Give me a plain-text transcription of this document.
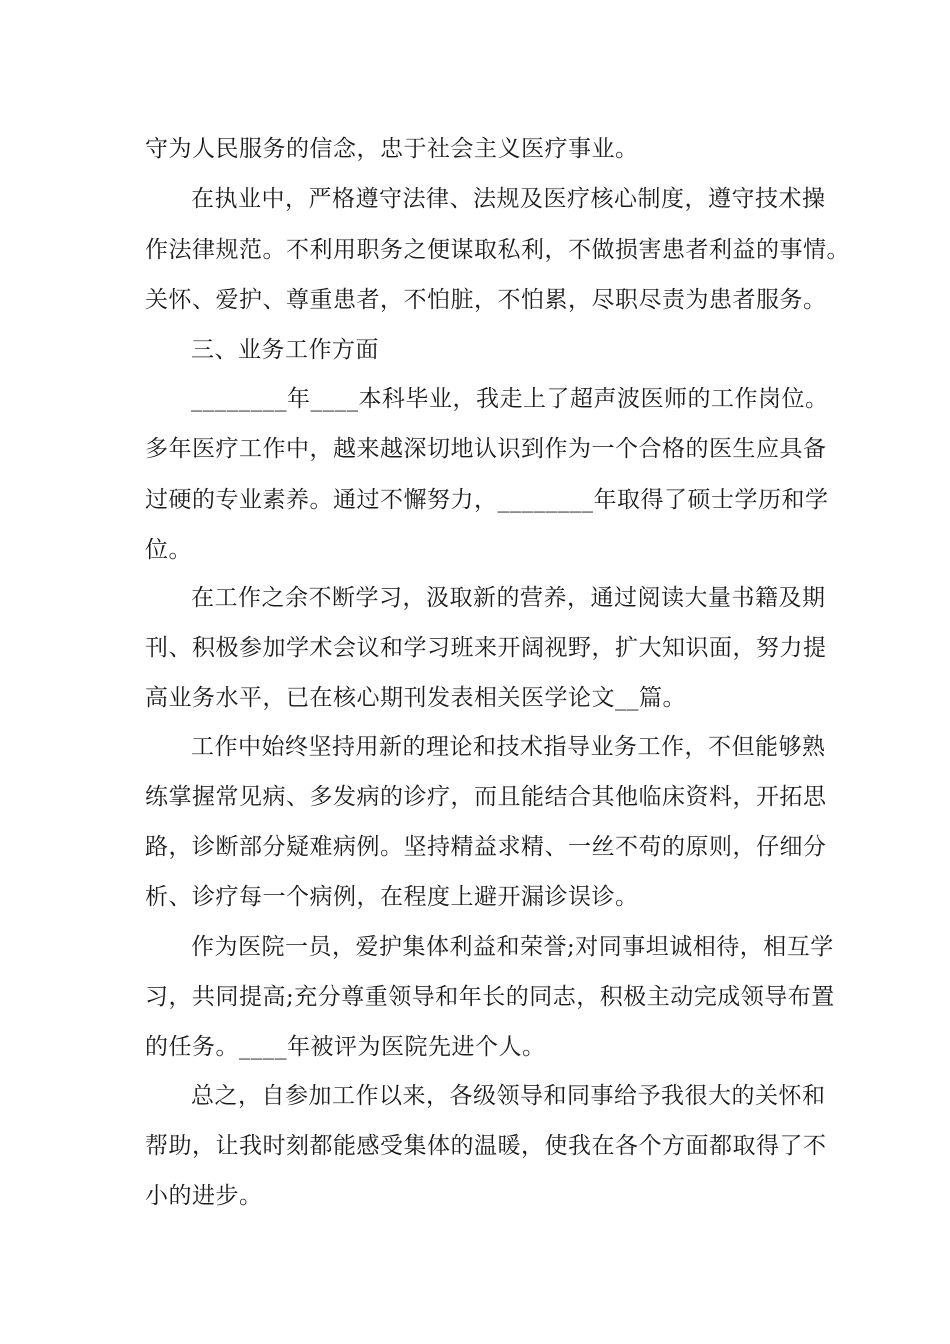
守为人民服务的信念，忠于社会主义医疗事业。
在执业中，严格遵守法律、法规及医疗核心制度，遵守技术操
作法律规范。不利用职务之便谋取私利，不做损害患者利益的事情。
关怀、爱护、尊重患者，不怕脏，不怕累，尽职尽责为患者服务。
三、业务工作方面
________年____本科毕业，我走上了超声波医师的工作岗位。
多年医疗工作中，越来越深切地认识到作为一个合格的医生应具备
过硬的专业素养。通过不懈努力，________年取得了硕士学历和学
位。
在工作之余不断学习，汲取新的营养，通过阅读大量书籍及期
刊、积极参加学术会议和学习班来开阔视野，扩大知识面，努力提
高业务水平，已在核心期刊发表相关医学论文__篇。
工作中始终坚持用新的理论和技术指导业务工作，不但能够熟
练掌握常见病、多发病的诊疗，而且能结合其他临床资料，开拓思
路，诊断部分疑难病例。坚持精益求精、一丝不苟的原则，仔细分
析、诊疗每一个病例，在程度上避开漏诊误诊。
作为医院一员，爱护集体利益和荣誉;对同事坦诚相待，相互学
习，共同提高;充分尊重领导和年长的同志，积极主动完成领导布置
的任务。____年被评为医院先进个人。
总之，自参加工作以来，各级领导和同事给予我很大的关怀和
帮助，让我时刻都能感受集体的温暖，使我在各个方面都取得了不
小的进步。
